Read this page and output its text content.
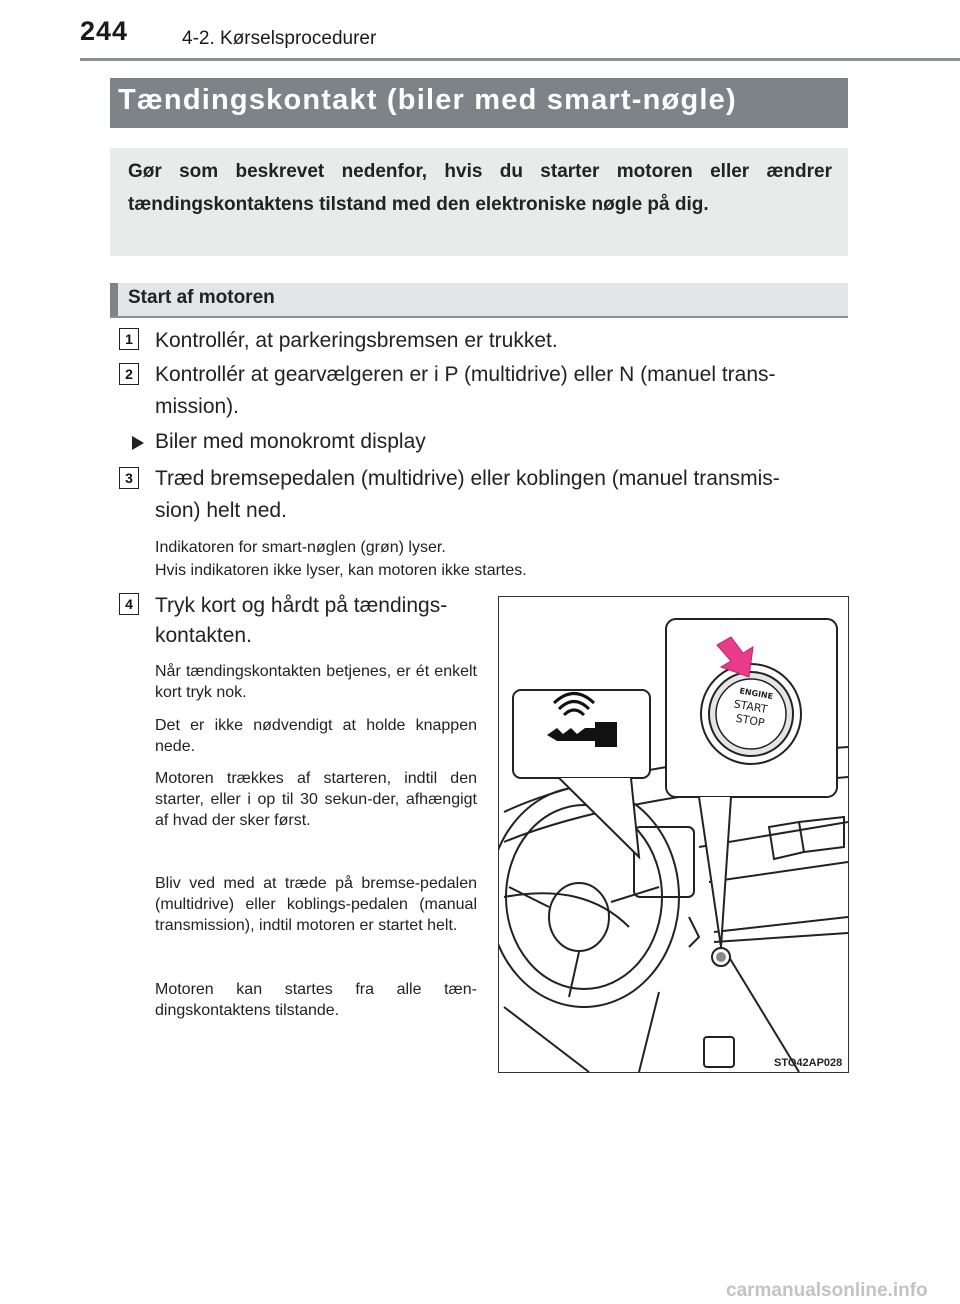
244	4-2. Kørselsprocedurer
Tændingskontakt (biler med smart-nøgle)
Gør som beskrevet nedenfor, hvis du starter motoren eller ændrer tændingskontaktens tilstand med den elektroniske nøgle på dig.
Start af motoren
1 Kontrollér, at parkeringsbremsen er trukket.
2 Kontrollér at gearvælgeren er i P (multidrive) eller N (manuel trans-
mission).
Biler med monokromt display
3 Træd bremsepedalen (multidrive) eller koblingen (manuel transmis-
sion) helt ned.
Indikatoren for smart-nøglen (grøn) lyser.
Hvis indikatoren ikke lyser, kan motoren ikke startes.
4 Tryk kort og hårdt på tændings-
kontakten.
Når tændingskontakten betjenes, er ét enkelt kort tryk nok.
Det er ikke nødvendigt at holde knappen nede.
Motoren trækkes af starteren, indtil den starter, eller i op til 30 sekun-der, afhængigt af hvad der sker først.
Bliv ved med at træde på bremse-pedalen (multidrive) eller koblings-pedalen (manual transmission), indtil motoren er startet helt.
Motoren kan startes fra alle tæn-dingskontaktens tilstande.
ENGINE
START
STOP
STO42AP028
carmanualsonline.info
